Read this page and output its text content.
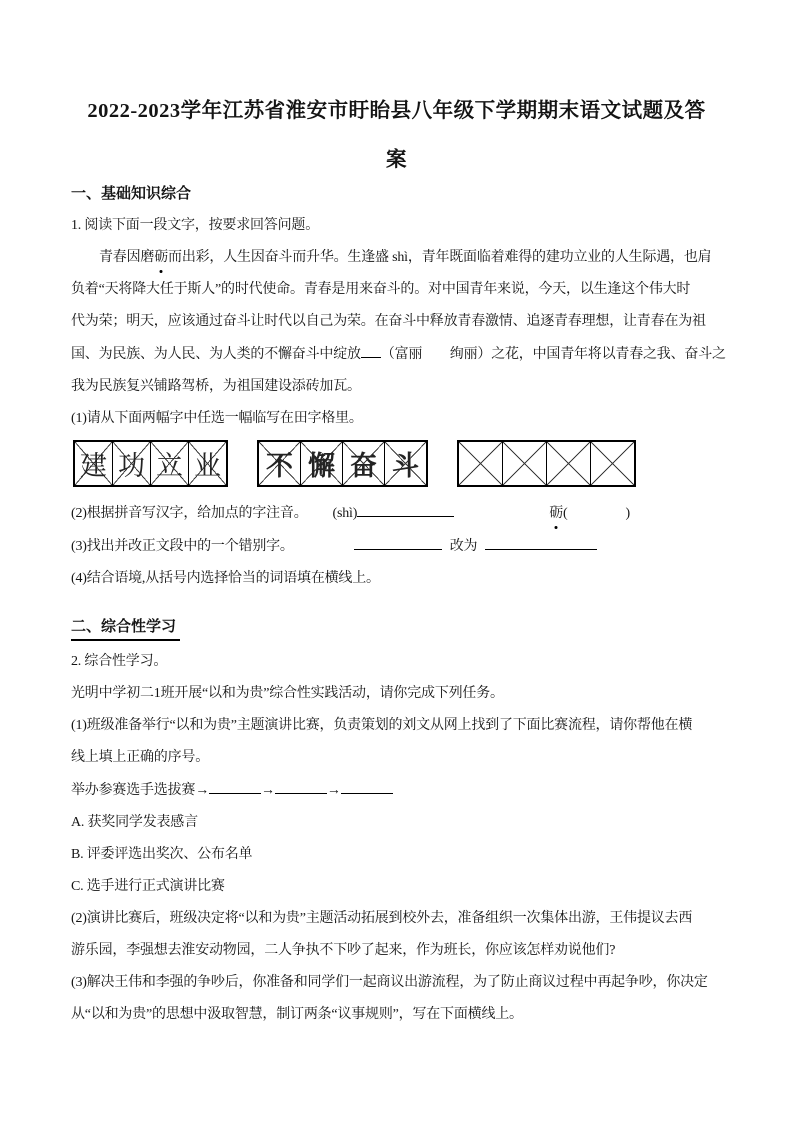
2022-2023学年江苏省淮安市盱眙县八年级下学期期末语文试题及答
案
一、基础知识综合
1. 阅读下面一段文字，按要求回答问题。
青春因磨砺而出彩，人生因奋斗而升华。生逢盛 shì，青年既面临着难得的建功立业的人生际遇，也肩
负着“天将降大任于斯人”的时代使命。青春是用来奋斗的。对中国青年来说，今天，以生逢这个伟大时
代为荣；明天，应该通过奋斗让时代以自己为荣。在奋斗中释放青春激情、追逐青春理想，让青春在为祖
国、为民族、为人民、为人类的不懈奋斗中绽放 （富丽　　绚丽）之花，中国青年将以青春之我、奋斗之
我为民族复兴铺路驾桥，为祖国建设添砖加瓦。
(1)请从下面两幅字中任选一幅临写在田字格里。
建 功 立 业 不 懈 奋 斗
(2)根据拼音写汉字，给加点的字注音。 (shì)	砺(	)
(3)找出并改正文段中的一个错别字。	改为
(4)结合语境,从括号内选择恰当的词语填在横线上。
二、综合性学习
2. 综合性学习。
光明中学初二1班开展“以和为贵”综合性实践活动，请你完成下列任务。
(1)班级准备举行“以和为贵”主题演讲比赛，负责策划的刘文从网上找到了下面比赛流程，请你帮他在横
线上填上正确的序号。
举办参赛选手选拔赛→	→	→
A. 获奖同学发表感言
B. 评委评选出奖次、公布名单
C. 选手进行正式演讲比赛
(2)演讲比赛后，班级决定将“以和为贵”主题活动拓展到校外去，准备组织一次集体出游，王伟提议去西
游乐园，李强想去淮安动物园，二人争执不下吵了起来，作为班长，你应该怎样劝说他们?
(3)解决王伟和李强的争吵后，你准备和同学们一起商议出游流程，为了防止商议过程中再起争吵，你决定
从“以和为贵”的思想中汲取智慧，制订两条“议事规则”，写在下面横线上。
